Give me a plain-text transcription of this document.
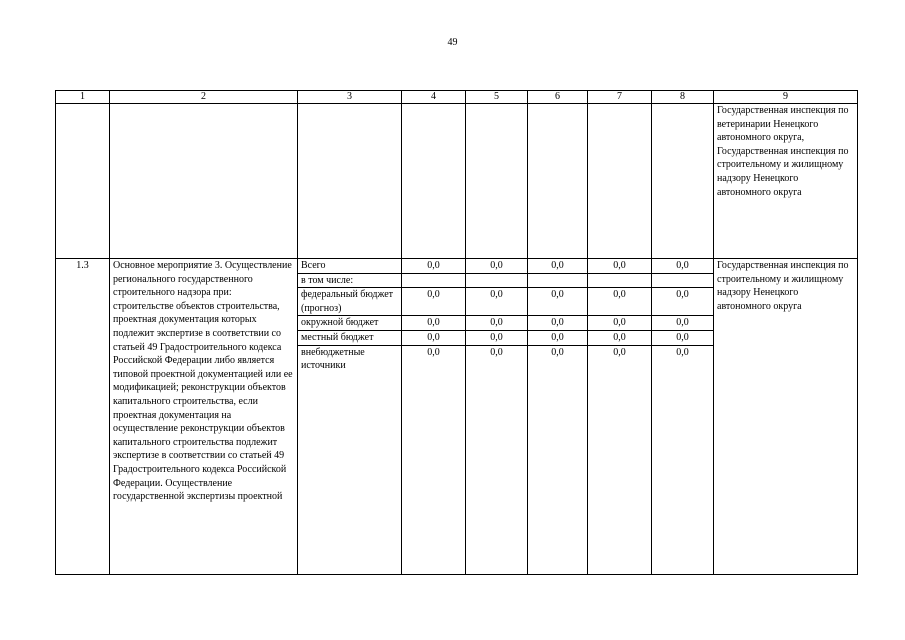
49
1	2	3	4	5	6	7	8	9
								Государственная инспекция по ветеринарии Ненецкого автономного округа, Государственная инспекция по строительному и жилищному надзору Ненецкого автономного округа
1.3	Основное мероприятие 3. Осуществление регионального государственного строительного надзора при: строительстве объектов строительства, проектная документация которых подлежит экспертизе в соответствии со статьей 49 Градостроительного кодекса Российской Федерации либо является типовой проектной документацией или ее модификацией; реконструкции объектов капитального строительства, если проектная документация на осуществление реконструкции объектов капитального строительства подлежит экспертизе в соответствии со статьей 49 Градостроительного кодекса Российской Федерации. Осуществление государственной экспертизы проектной	Всего	0,0	0,0	0,0	0,0	0,0	Государственная инспекция по строительному и жилищному надзору Ненецкого автономного округа
		в том числе:						
		федеральный бюджет (прогноз)	0,0	0,0	0,0	0,0	0,0	
		окружной бюджет	0,0	0,0	0,0	0,0	0,0	
		местный бюджет	0,0	0,0	0,0	0,0	0,0	
		внебюджетные источники	0,0	0,0	0,0	0,0	0,0	
